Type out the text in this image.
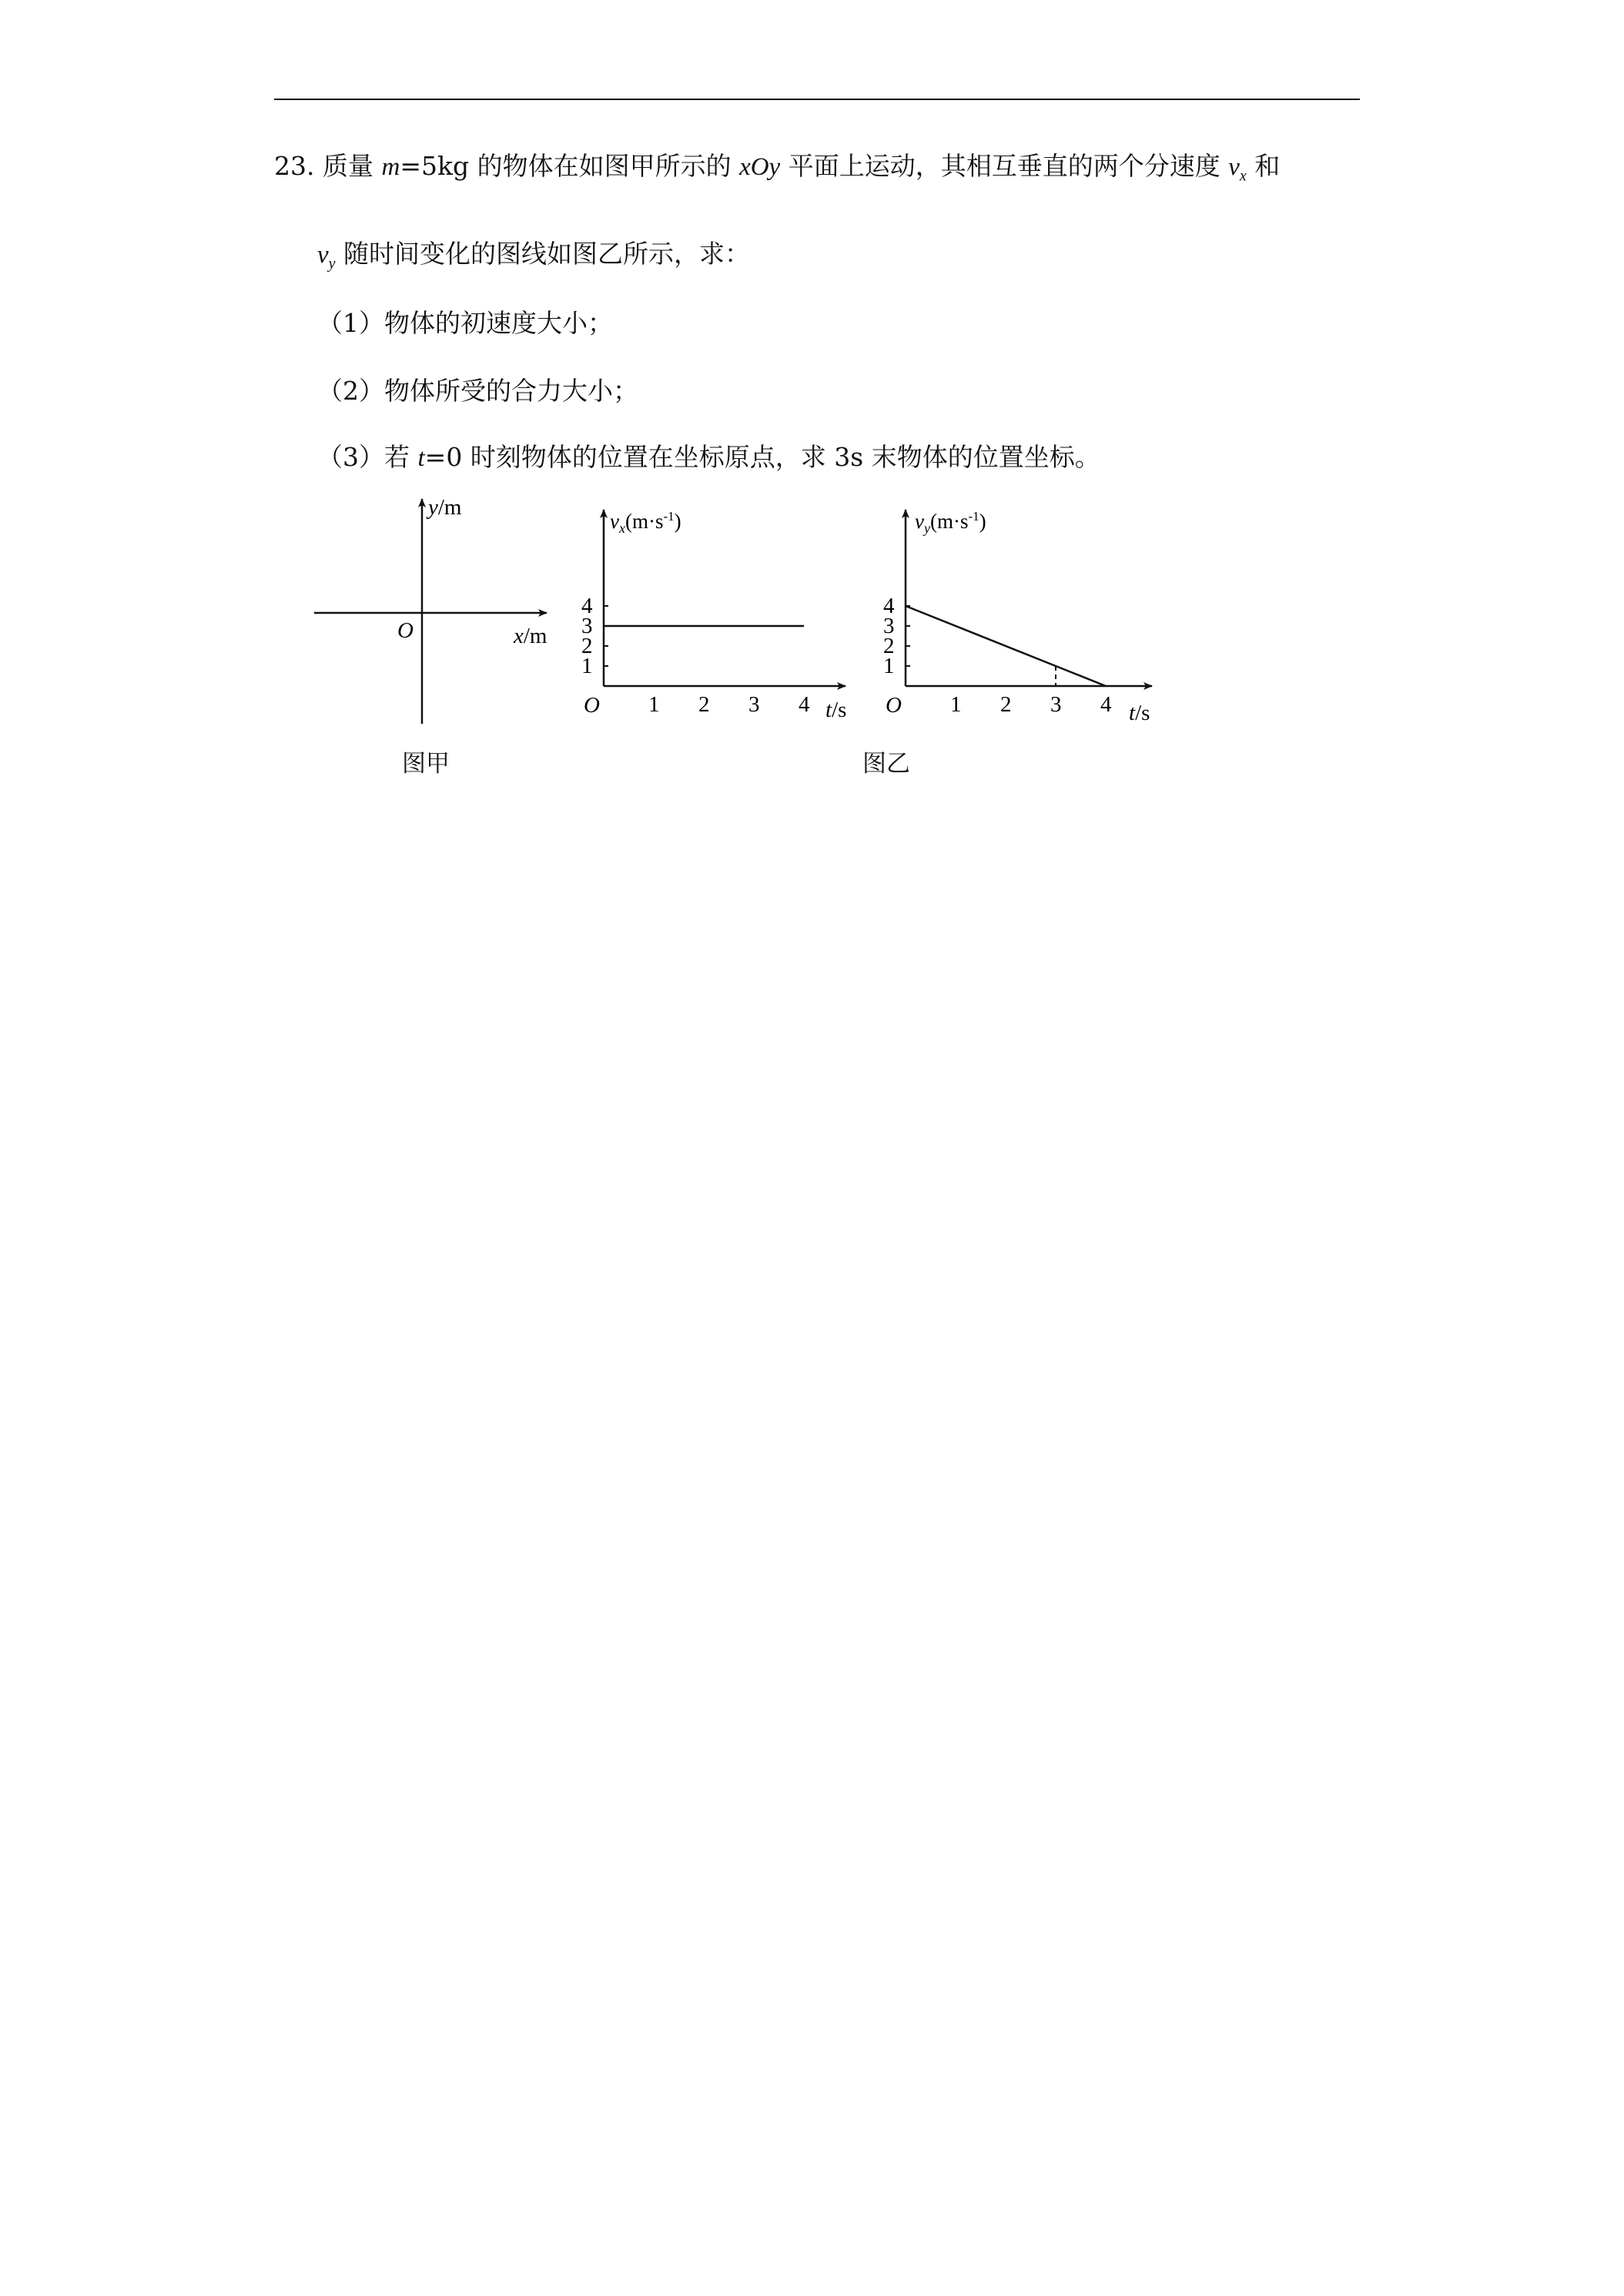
23. 质量 m=5kg 的物体在如图甲所示的 xOy 平面上运动，其相互垂直的两个分速度 $v_x$ 和
$v_y$ 随时间变化的图线如图乙所示，求：
（1）物体的初速度大小；
（2）物体所受的合力大小；
（3）若 t=0 时刻物体的位置在坐标原点，求 3s 末物体的位置坐标。
y/m
x/m
O
$v_x(m\cdot s^{-1})$
O	t/s
1 2 3 4
1
2
3
4
$v_y(m\cdot s^{-1})$
O	t/s
1 2 3 4
1
2
3
4
图甲	图乙
